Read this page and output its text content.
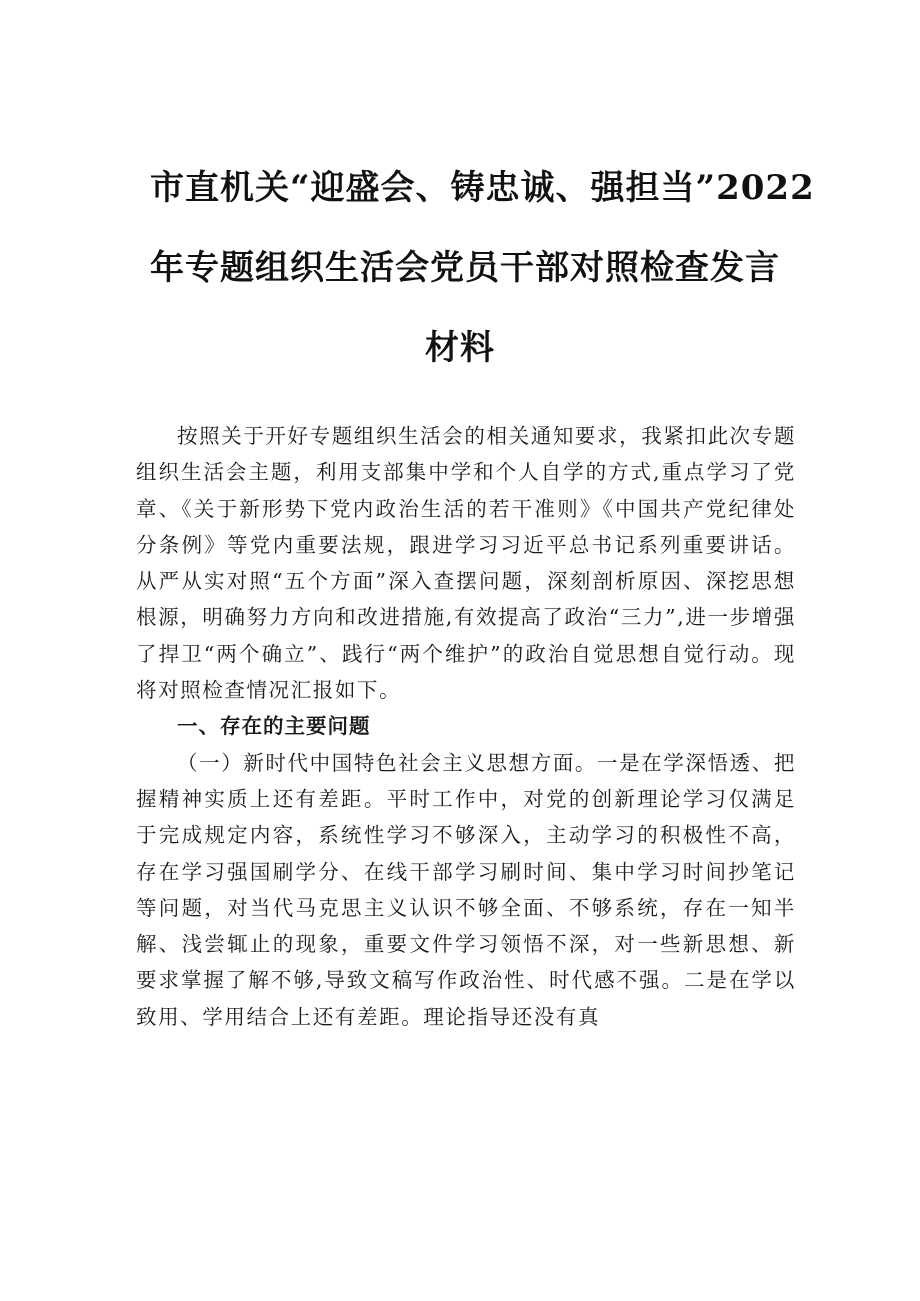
市直机关“迎盛会、铸忠诚、强担当”2022
年专题组织生活会党员干部对照检查发言
材料

按照关于开好专题组织生活会的相关通知要求，我紧扣此次专题组织生活会主题，利用支部集中学和个人自学的方式,重点学习了党章、《关于新形势下党内政治生活的若干准则》《中国共产党纪律处分条例》等党内重要法规，跟进学习习近平总书记系列重要讲话。从严从实对照“五个方面”深入查摆问题，深刻剖析原因、深挖思想根源，明确努力方向和改进措施,有效提高了政治“三力”,进一步增强了捍卫“两个确立”、践行“两个维护”的政治自觉思想自觉行动。现将对照检查情况汇报如下。

一、存在的主要问题

（一）新时代中国特色社会主义思想方面。一是在学深悟透、把握精神实质上还有差距。平时工作中，对党的创新理论学习仅满足于完成规定内容，系统性学习不够深入，主动学习的积极性不高，存在学习强国刷学分、在线干部学习刷时间、集中学习时间抄笔记等问题，对当代马克思主义认识不够全面、不够系统，存在一知半解、浅尝辄止的现象，重要文件学习领悟不深，对一些新思想、新要求掌握了解不够,导致文稿写作政治性、时代感不强。二是在学以致用、学用结合上还有差距。理论指导还没有真
